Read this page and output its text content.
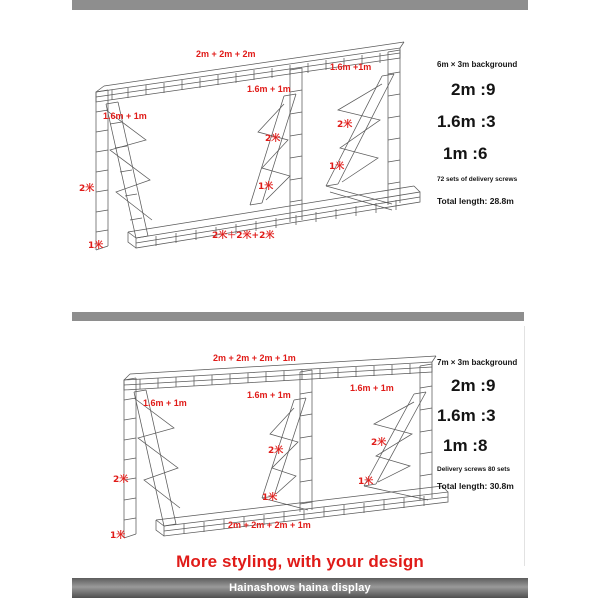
2m + 2m + 2m
1.6m + 1m
1.6m +1m
1.6m + 1m
2米
2米
2米
1米
1米
1米
2米＋2米+2米
2m + 2m + 2m + 1m
1.6m + 1m
1.6m + 1m
1.6m + 1m
2米
2米
2米
1米
1米
1米
2m + 2m + 2m + 1m
6m × 3m background
2m :9
1.6m :3
1m :6
72 sets of delivery screws
Total length: 28.8m
7m × 3m background
2m :9
1.6m :3
1m :8
Delivery screws 80 sets
Total length: 30.8m
More styling, with your design
Hainashows haina display
